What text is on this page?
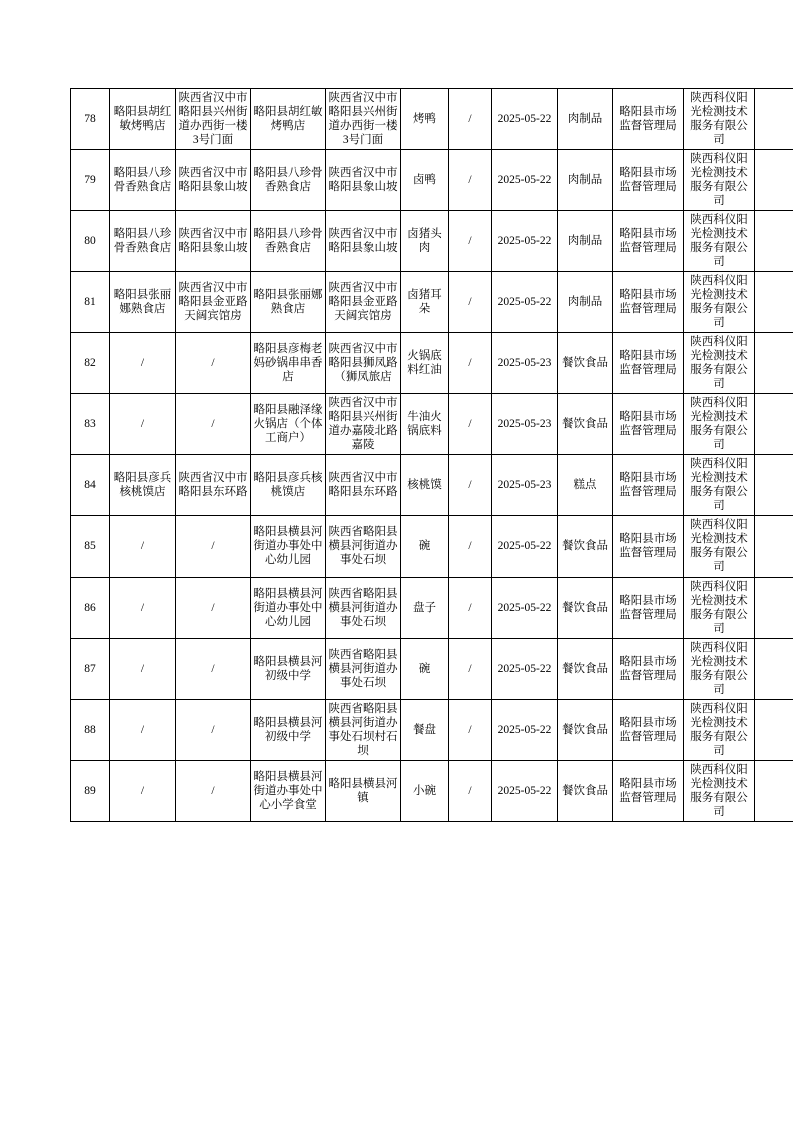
78	略阳县胡红敏烤鸭店	陕西省汉中市略阳县兴州街道办西街一楼3号门面	略阳县胡红敏烤鸭店	陕西省汉中市略阳县兴州街道办西街一楼3号门面	烤鸭	/	2025-05-22	肉制品	略阳县市场监督管理局	陕西科仪阳光检测技术服务有限公司	
79	略阳县八珍骨香熟食店	陕西省汉中市略阳县象山坡	略阳县八珍骨香熟食店	陕西省汉中市略阳县象山坡	卤鸭	/	2025-05-22	肉制品	略阳县市场监督管理局	陕西科仪阳光检测技术服务有限公司	
80	略阳县八珍骨香熟食店	陕西省汉中市略阳县象山坡	略阳县八珍骨香熟食店	陕西省汉中市略阳县象山坡	卤猪头肉	/	2025-05-22	肉制品	略阳县市场监督管理局	陕西科仪阳光检测技术服务有限公司	
81	略阳县张丽娜熟食店	陕西省汉中市略阳县金亚路天阔宾馆房	略阳县张丽娜熟食店	陕西省汉中市略阳县金亚路天阔宾馆房	卤猪耳朵	/	2025-05-22	肉制品	略阳县市场监督管理局	陕西科仪阳光检测技术服务有限公司	
82	/	/	略阳县彦梅老妈砂锅串串香店	陕西省汉中市略阳县狮凤路（狮凤旅店	火锅底料红油	/	2025-05-23	餐饮食品	略阳县市场监督管理局	陕西科仪阳光检测技术服务有限公司	
83	/	/	略阳县融泽缘火锅店（个体工商户）	陕西省汉中市略阳县兴州街道办嘉陵北路嘉陵	牛油火锅底料	/	2025-05-23	餐饮食品	略阳县市场监督管理局	陕西科仪阳光检测技术服务有限公司	
84	略阳县彦兵核桃馍店	陕西省汉中市略阳县东环路	略阳县彦兵核桃馍店	陕西省汉中市略阳县东环路	核桃馍	/	2025-05-23	糕点	略阳县市场监督管理局	陕西科仪阳光检测技术服务有限公司	
85	/	/	略阳县横县河街道办事处中心幼儿园	陕西省略阳县横县河街道办事处石坝	碗	/	2025-05-22	餐饮食品	略阳县市场监督管理局	陕西科仪阳光检测技术服务有限公司	
86	/	/	略阳县横县河街道办事处中心幼儿园	陕西省略阳县横县河街道办事处石坝	盘子	/	2025-05-22	餐饮食品	略阳县市场监督管理局	陕西科仪阳光检测技术服务有限公司	
87	/	/	略阳县横县河初级中学	陕西省略阳县横县河街道办事处石坝	碗	/	2025-05-22	餐饮食品	略阳县市场监督管理局	陕西科仪阳光检测技术服务有限公司	
88	/	/	略阳县横县河初级中学	陕西省略阳县横县河街道办事处石坝村石坝	餐盘	/	2025-05-22	餐饮食品	略阳县市场监督管理局	陕西科仪阳光检测技术服务有限公司	
89	/	/	略阳县横县河街道办事处中心小学食堂	略阳县横县河镇	小碗	/	2025-05-22	餐饮食品	略阳县市场监督管理局	陕西科仪阳光检测技术服务有限公司	
